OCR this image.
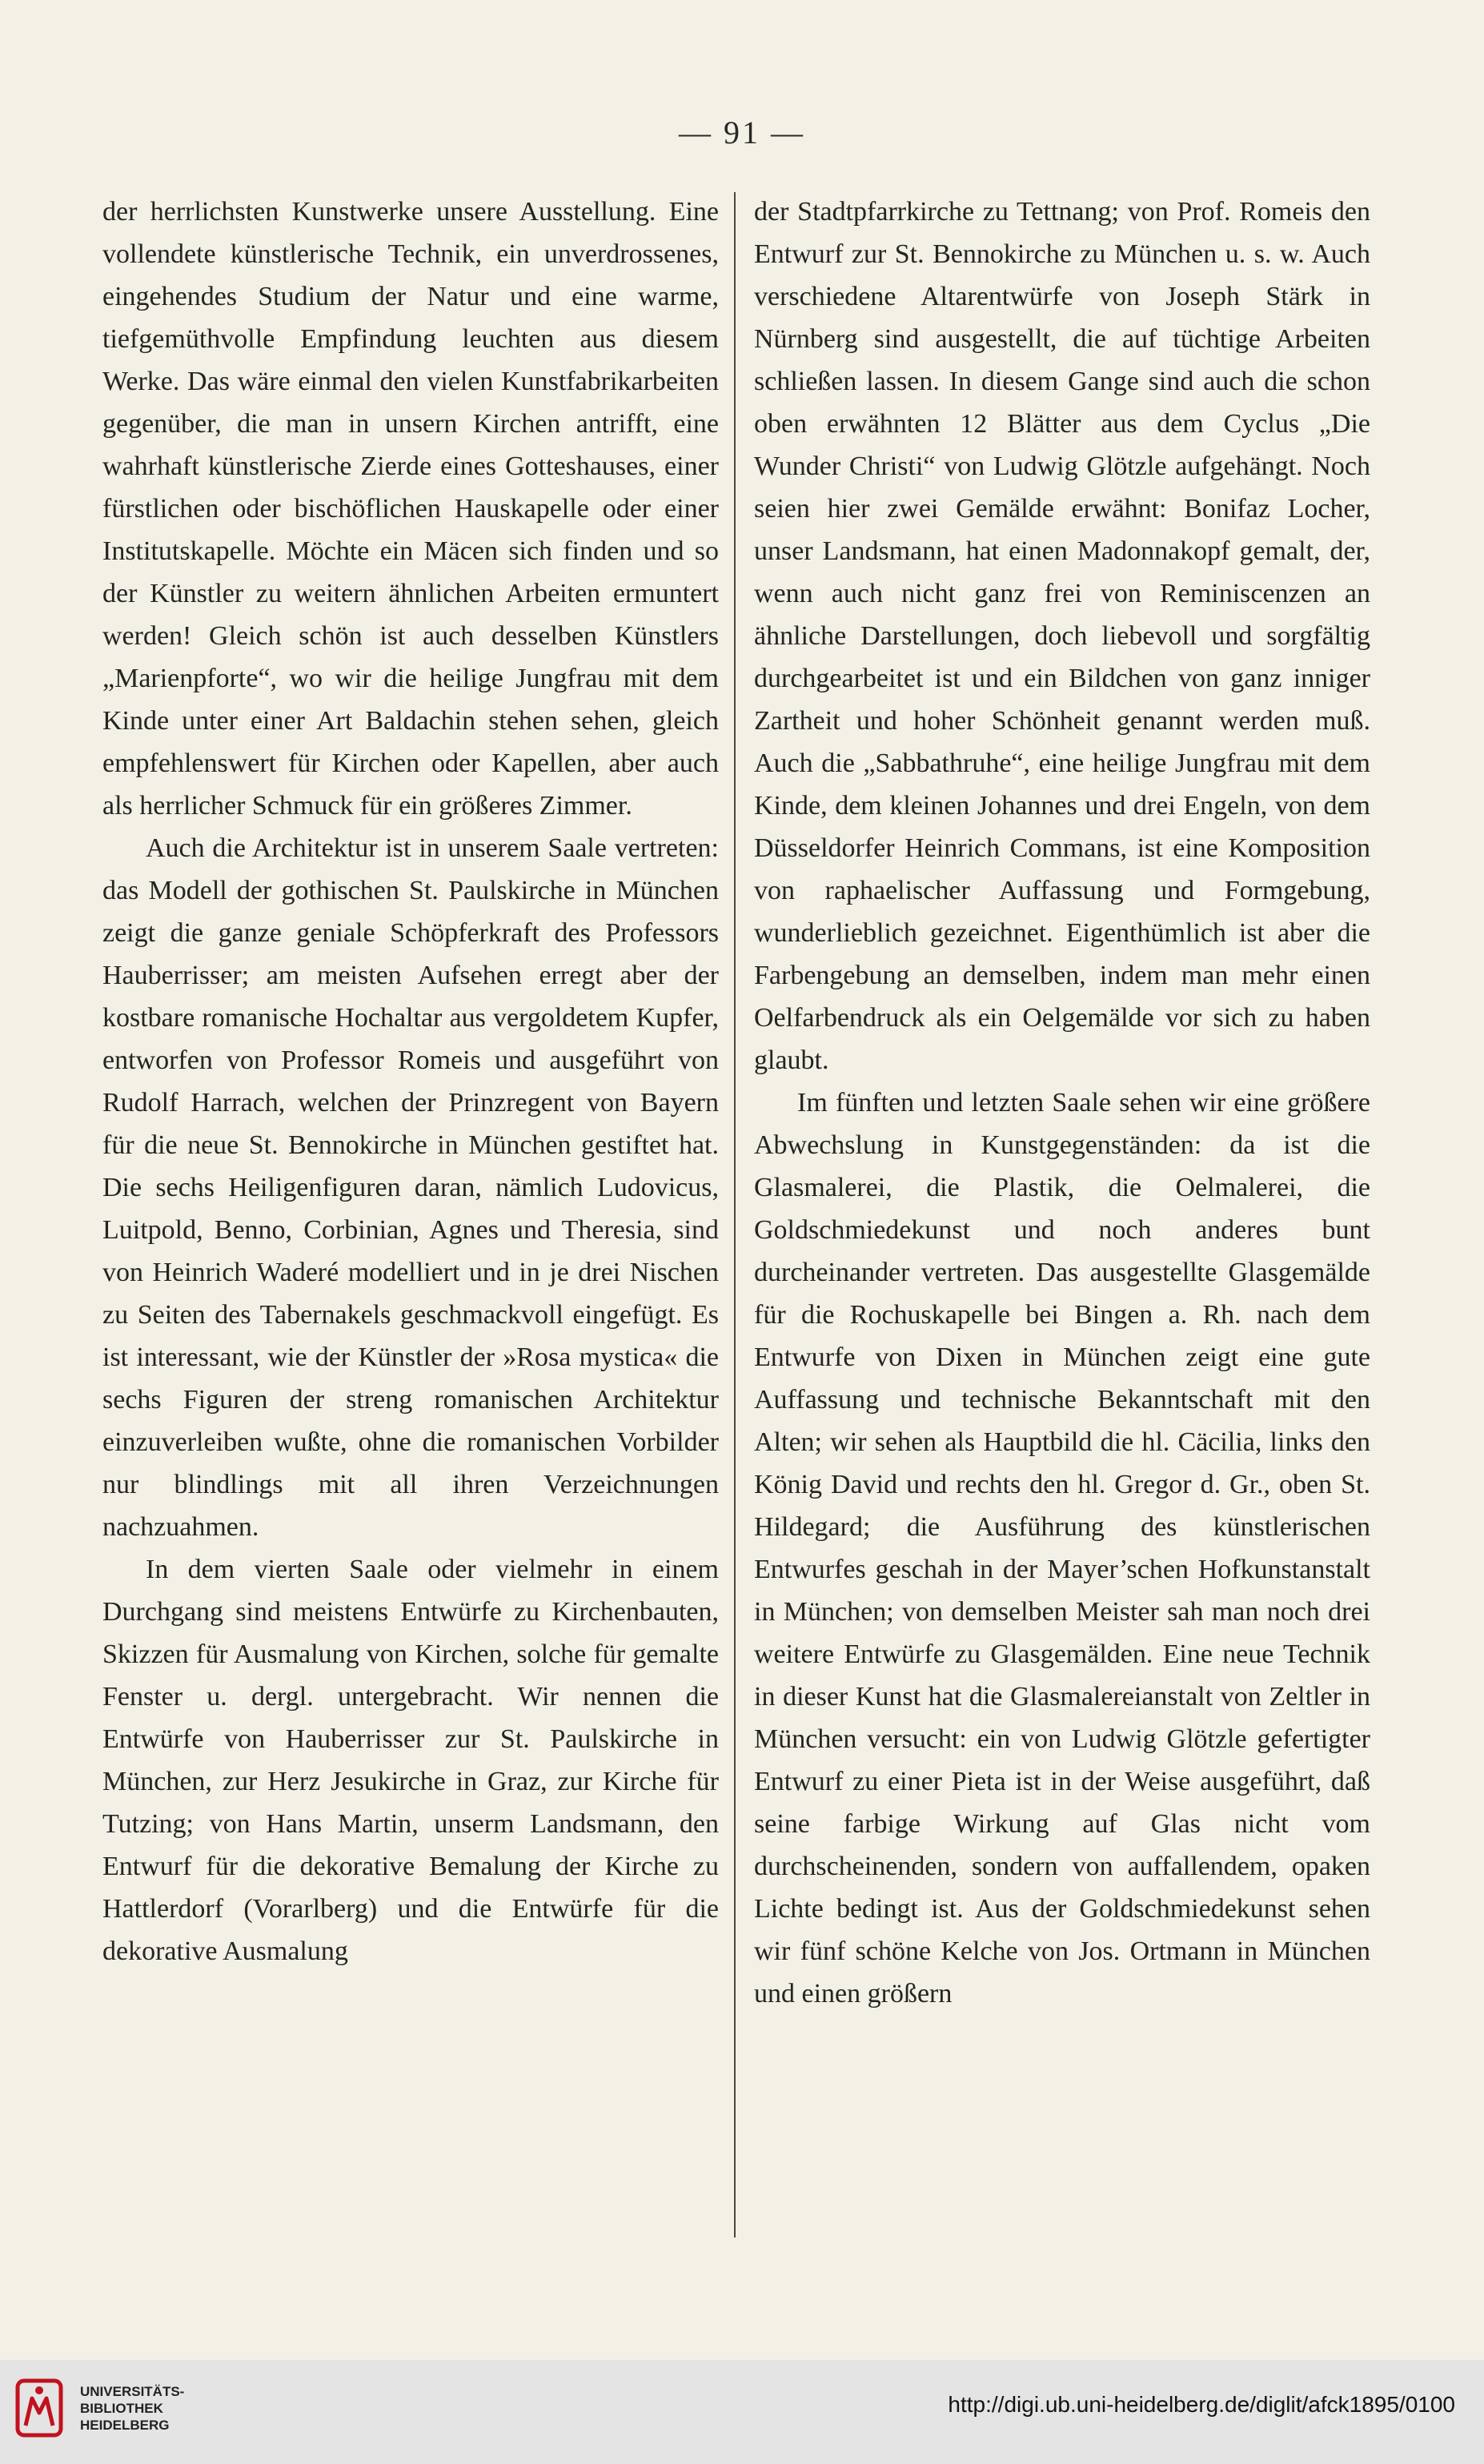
— 91 —

der herrlichsten Kunstwerke unsere Ausstellung. Eine vollendete künstlerische Technik, ein unverdrossenes, eingehendes Studium der Natur und eine warme, tiefgemüthvolle Empfindung leuchten aus diesem Werke. Das wäre einmal den vielen Kunstfabrikarbeiten gegenüber, die man in unsern Kirchen antrifft, eine wahrhaft künstlerische Zierde eines Gotteshauses, einer fürstlichen oder bischöflichen Hauskapelle oder einer Institutskapelle. Möchte ein Mäcen sich finden und so der Künstler zu weitern ähnlichen Arbeiten ermuntert werden! Gleich schön ist auch desselben Künstlers „Marienpforte“, wo wir die heilige Jungfrau mit dem Kinde unter einer Art Baldachin stehen sehen, gleich empfehlenswert für Kirchen oder Kapellen, aber auch als herrlicher Schmuck für ein größeres Zimmer.

Auch die Architektur ist in unserem Saale vertreten: das Modell der gothischen St. Paulskirche in München zeigt die ganze geniale Schöpferkraft des Professors Hauberrisser; am meisten Aufsehen erregt aber der kostbare romanische Hochaltar aus vergoldetem Kupfer, entworfen von Professor Romeis und ausgeführt von Rudolf Harrach, welchen der Prinzregent von Bayern für die neue St. Bennokirche in München gestiftet hat. Die sechs Heiligenfiguren daran, nämlich Ludovicus, Luitpold, Benno, Corbinian, Agnes und Theresia, sind von Heinrich Waderé modelliert und in je drei Nischen zu Seiten des Tabernakels geschmackvoll eingefügt. Es ist interessant, wie der Künstler der »Rosa mystica« die sechs Figuren der streng romanischen Architektur einzuverleiben wußte, ohne die romanischen Vorbilder nur blindlings mit all ihren Verzeichnungen nachzuahmen.

In dem vierten Saale oder vielmehr in einem Durchgang sind meistens Entwürfe zu Kirchenbauten, Skizzen für Ausmalung von Kirchen, solche für gemalte Fenster u. dergl. untergebracht. Wir nennen die Entwürfe von Hauberrisser zur St. Paulskirche in München, zur Herz Jesukirche in Graz, zur Kirche für Tutzing; von Hans Martin, unserm Landsmann, den Entwurf für die dekorative Bemalung der Kirche zu Hattlerdorf (Vorarlberg) und die Entwürfe für die dekorative Ausmalung

der Stadtpfarrkirche zu Tettnang; von Prof. Romeis den Entwurf zur St. Bennokirche zu München u. s. w. Auch verschiedene Altarentwürfe von Joseph Stärk in Nürnberg sind ausgestellt, die auf tüchtige Arbeiten schließen lassen. In diesem Gange sind auch die schon oben erwähnten 12 Blätter aus dem Cyclus „Die Wunder Christi“ von Ludwig Glötzle aufgehängt. Noch seien hier zwei Gemälde erwähnt: Bonifaz Locher, unser Landsmann, hat einen Madonnakopf gemalt, der, wenn auch nicht ganz frei von Reminiscenzen an ähnliche Darstellungen, doch liebevoll und sorgfältig durchgearbeitet ist und ein Bildchen von ganz inniger Zartheit und hoher Schönheit genannt werden muß. Auch die „Sabbathruhe“, eine heilige Jungfrau mit dem Kinde, dem kleinen Johannes und drei Engeln, von dem Düsseldorfer Heinrich Commans, ist eine Komposition von raphaelischer Auffassung und Formgebung, wunderlieblich gezeichnet. Eigenthümlich ist aber die Farbengebung an demselben, indem man mehr einen Oelfarbendruck als ein Oelgemälde vor sich zu haben glaubt.

Im fünften und letzten Saale sehen wir eine größere Abwechslung in Kunstgegenständen: da ist die Glasmalerei, die Plastik, die Oelmalerei, die Goldschmiedekunst und noch anderes bunt durcheinander vertreten. Das ausgestellte Glasgemälde für die Rochuskapelle bei Bingen a. Rh. nach dem Entwurfe von Dixen in München zeigt eine gute Auffassung und technische Bekanntschaft mit den Alten; wir sehen als Hauptbild die hl. Cäcilia, links den König David und rechts den hl. Gregor d. Gr., oben St. Hildegard; die Ausführung des künstlerischen Entwurfes geschah in der Mayer’schen Hofkunstanstalt in München; von demselben Meister sah man noch drei weitere Entwürfe zu Glasgemälden. Eine neue Technik in dieser Kunst hat die Glasmalereianstalt von Zeltler in München versucht: ein von Ludwig Glötzle gefertigter Entwurf zu einer Pieta ist in der Weise ausgeführt, daß seine farbige Wirkung auf Glas nicht vom durchscheinenden, sondern von auffallendem, opaken Lichte bedingt ist. Aus der Goldschmiedekunst sehen wir fünf schöne Kelche von Jos. Ortmann in München und einen größern

UNIVERSITÄTS-
BIBLIOTHEK
HEIDELBERG
http://digi.ub.uni-heidelberg.de/diglit/afck1895/0100
